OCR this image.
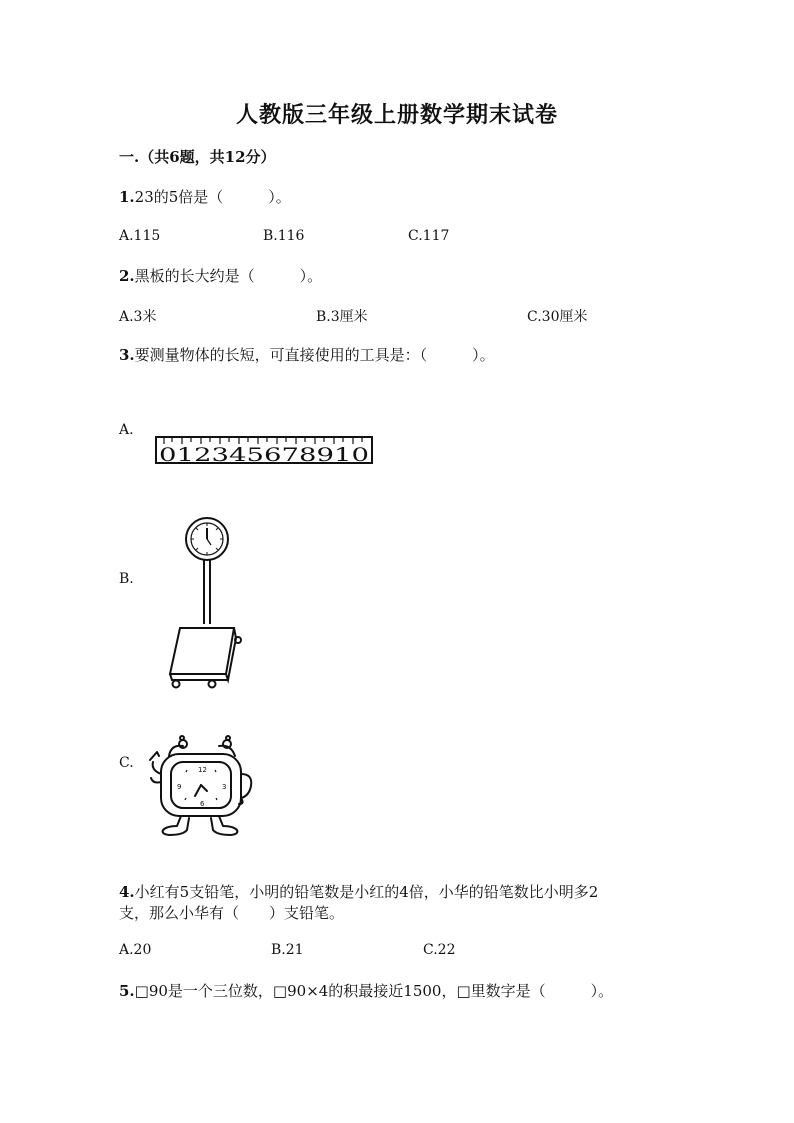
人教版三年级上册数学期末试卷
一.（共6题，共12分）
1.23的5倍是（　　　）。
A.115	B.116	C.117
2.黑板的长大约是（　　　）。
A.3米	B.3厘米	C.30厘米
3.要测量物体的长短，可直接使用的工具是：（　　　）。
A.
012345678910
B.
C.	12
3
6
9
4.小红有5支铅笔，小明的铅笔数是小红的4倍，小华的铅笔数比小明多2
支，那么小华有（　　）支铅笔。
A.20	B.21	C.22
5.□90是一个三位数，□90×4的积最接近1500，□里数字是（　　　）。
